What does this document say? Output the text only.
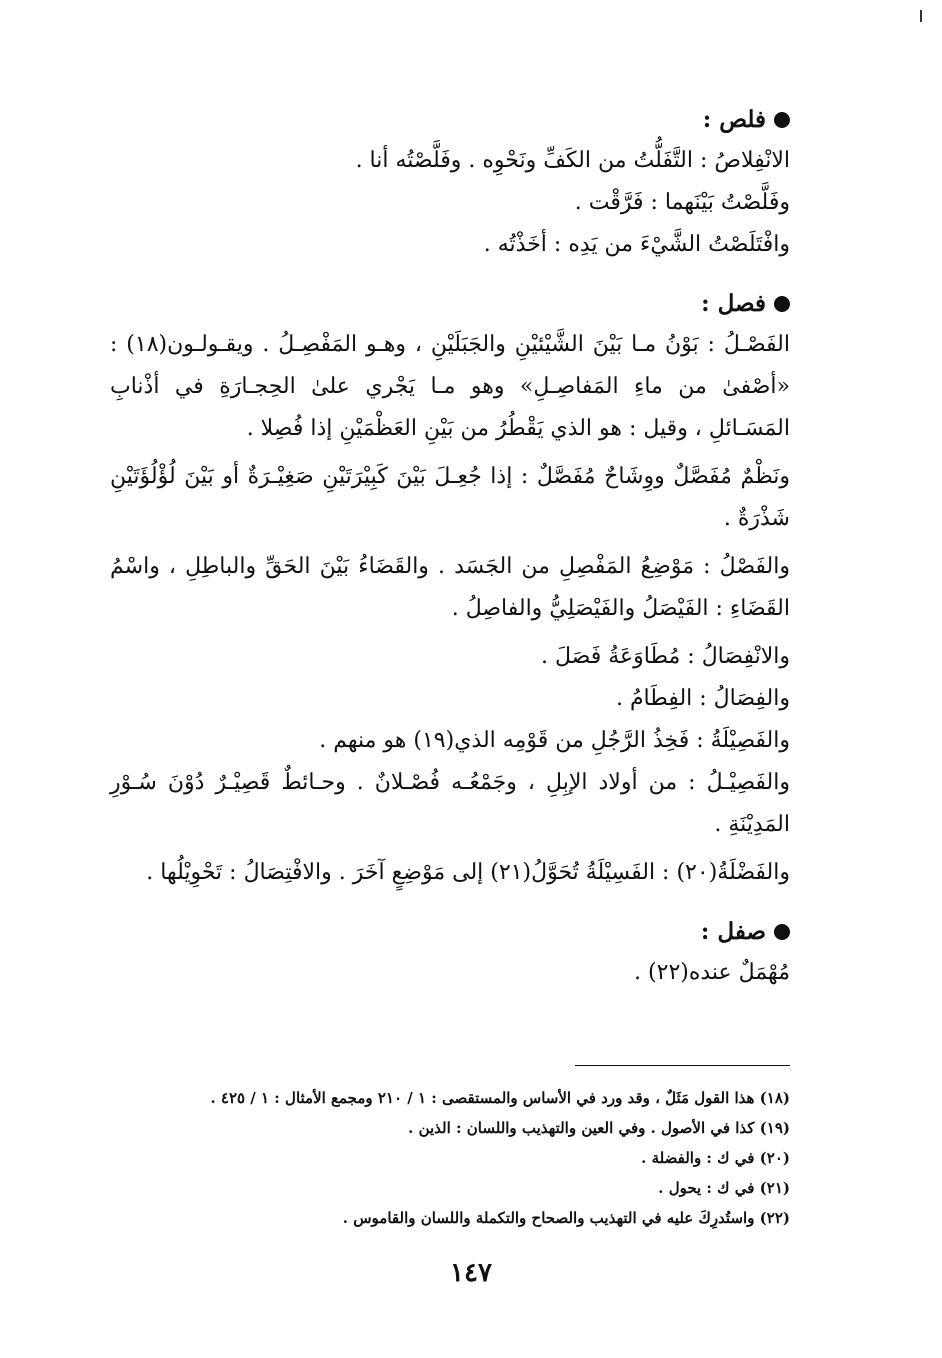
فلص :
الانْفِلاصُ : التَّفَلُّتُ من الكَفِّ ونَحْوِه . وفَلَّصْتُه أنا .
وفَلَّصْتُ بَيْنَهما : فَرَّقْت .
وافْتَلَصْتُ الشَّيْءَ من يَدِه : أخَذْتُه .
فصل :
الفَصْـلُ : بَوْنُ مـا بَيْنَ الشَّيْئيْنِ والجَبَلَيْنِ ، وهـو المَفْصِـلُ . ويقـولـون(١٨) : «أصْفىٰ من ماءِ المَفاصِـلِ» وهو مـا يَجْري علىٰ الحِجـارَةِ في أذْنابِ المَسَـائلِ ، وقيل : هو الذي يَقْطُرُ من بَيْنِ العَظْمَيْنِ إذا فُصِلا .
ونَظْمٌ مُفَصَّلٌ ووِشَاحٌ مُفَصَّلٌ : إذا جُعِـلَ بَيْنَ كَبِيْرَتَيْنِ صَغِيْـرَةٌ أو بَيْنَ لُؤْلُؤَتَيْنِ شَذْرَةٌ .
والفَصْلُ : مَوْضِعُ المَفْصِلِ من الجَسَد . والقَضَاءُ بَيْنَ الحَقِّ والباطِلِ ، واسْمُ القَضَاءِ : الفَيْصَلُ والفَيْصَلِيُّ والفاصِلُ .
والانْفِصَالُ : مُطَاوَعَةُ فَصَلَ .
والفِصَالُ : الفِطَامُ .
والفَصِيْلَةُ : فَخِذُ الرَّجُلِ من قَوْمِه الذي(١٩) هو منهم .
والفَصِيْـلُ : من أولاد الإبِلِ ، وجَمْعُـه فُصْـلانٌ . وحـائطٌ قَصِيْـرٌ دُوْنَ سُـوْرِ المَدِيْنَةِ .
والفَضْلَةُ(٢٠) : الفَسِيْلَةُ تُحَوَّلُ(٢١) إلى مَوْضِعٍ آخَرَ . والافْتِصَالُ : تَحْوِيْلُها .
صفل :
مُهْمَلٌ عنده(٢٢) .
(١٨) هذا القول مَثَلٌ ، وقد ورد في الأساس والمستقصى : ١ / ٢١٠ ومجمع الأمثال : ١ / ٤٢٥ .
(١٩) كذا في الأصول . وفي العين والتهذيب واللسان : الذين .
(٢٠) في ك : والفضلة .
(٢١) في ك : يحول .
(٢٢) واستُدرِكَ عليه في التهذيب والصحاح والتكملة واللسان والقاموس .
١٤٧
